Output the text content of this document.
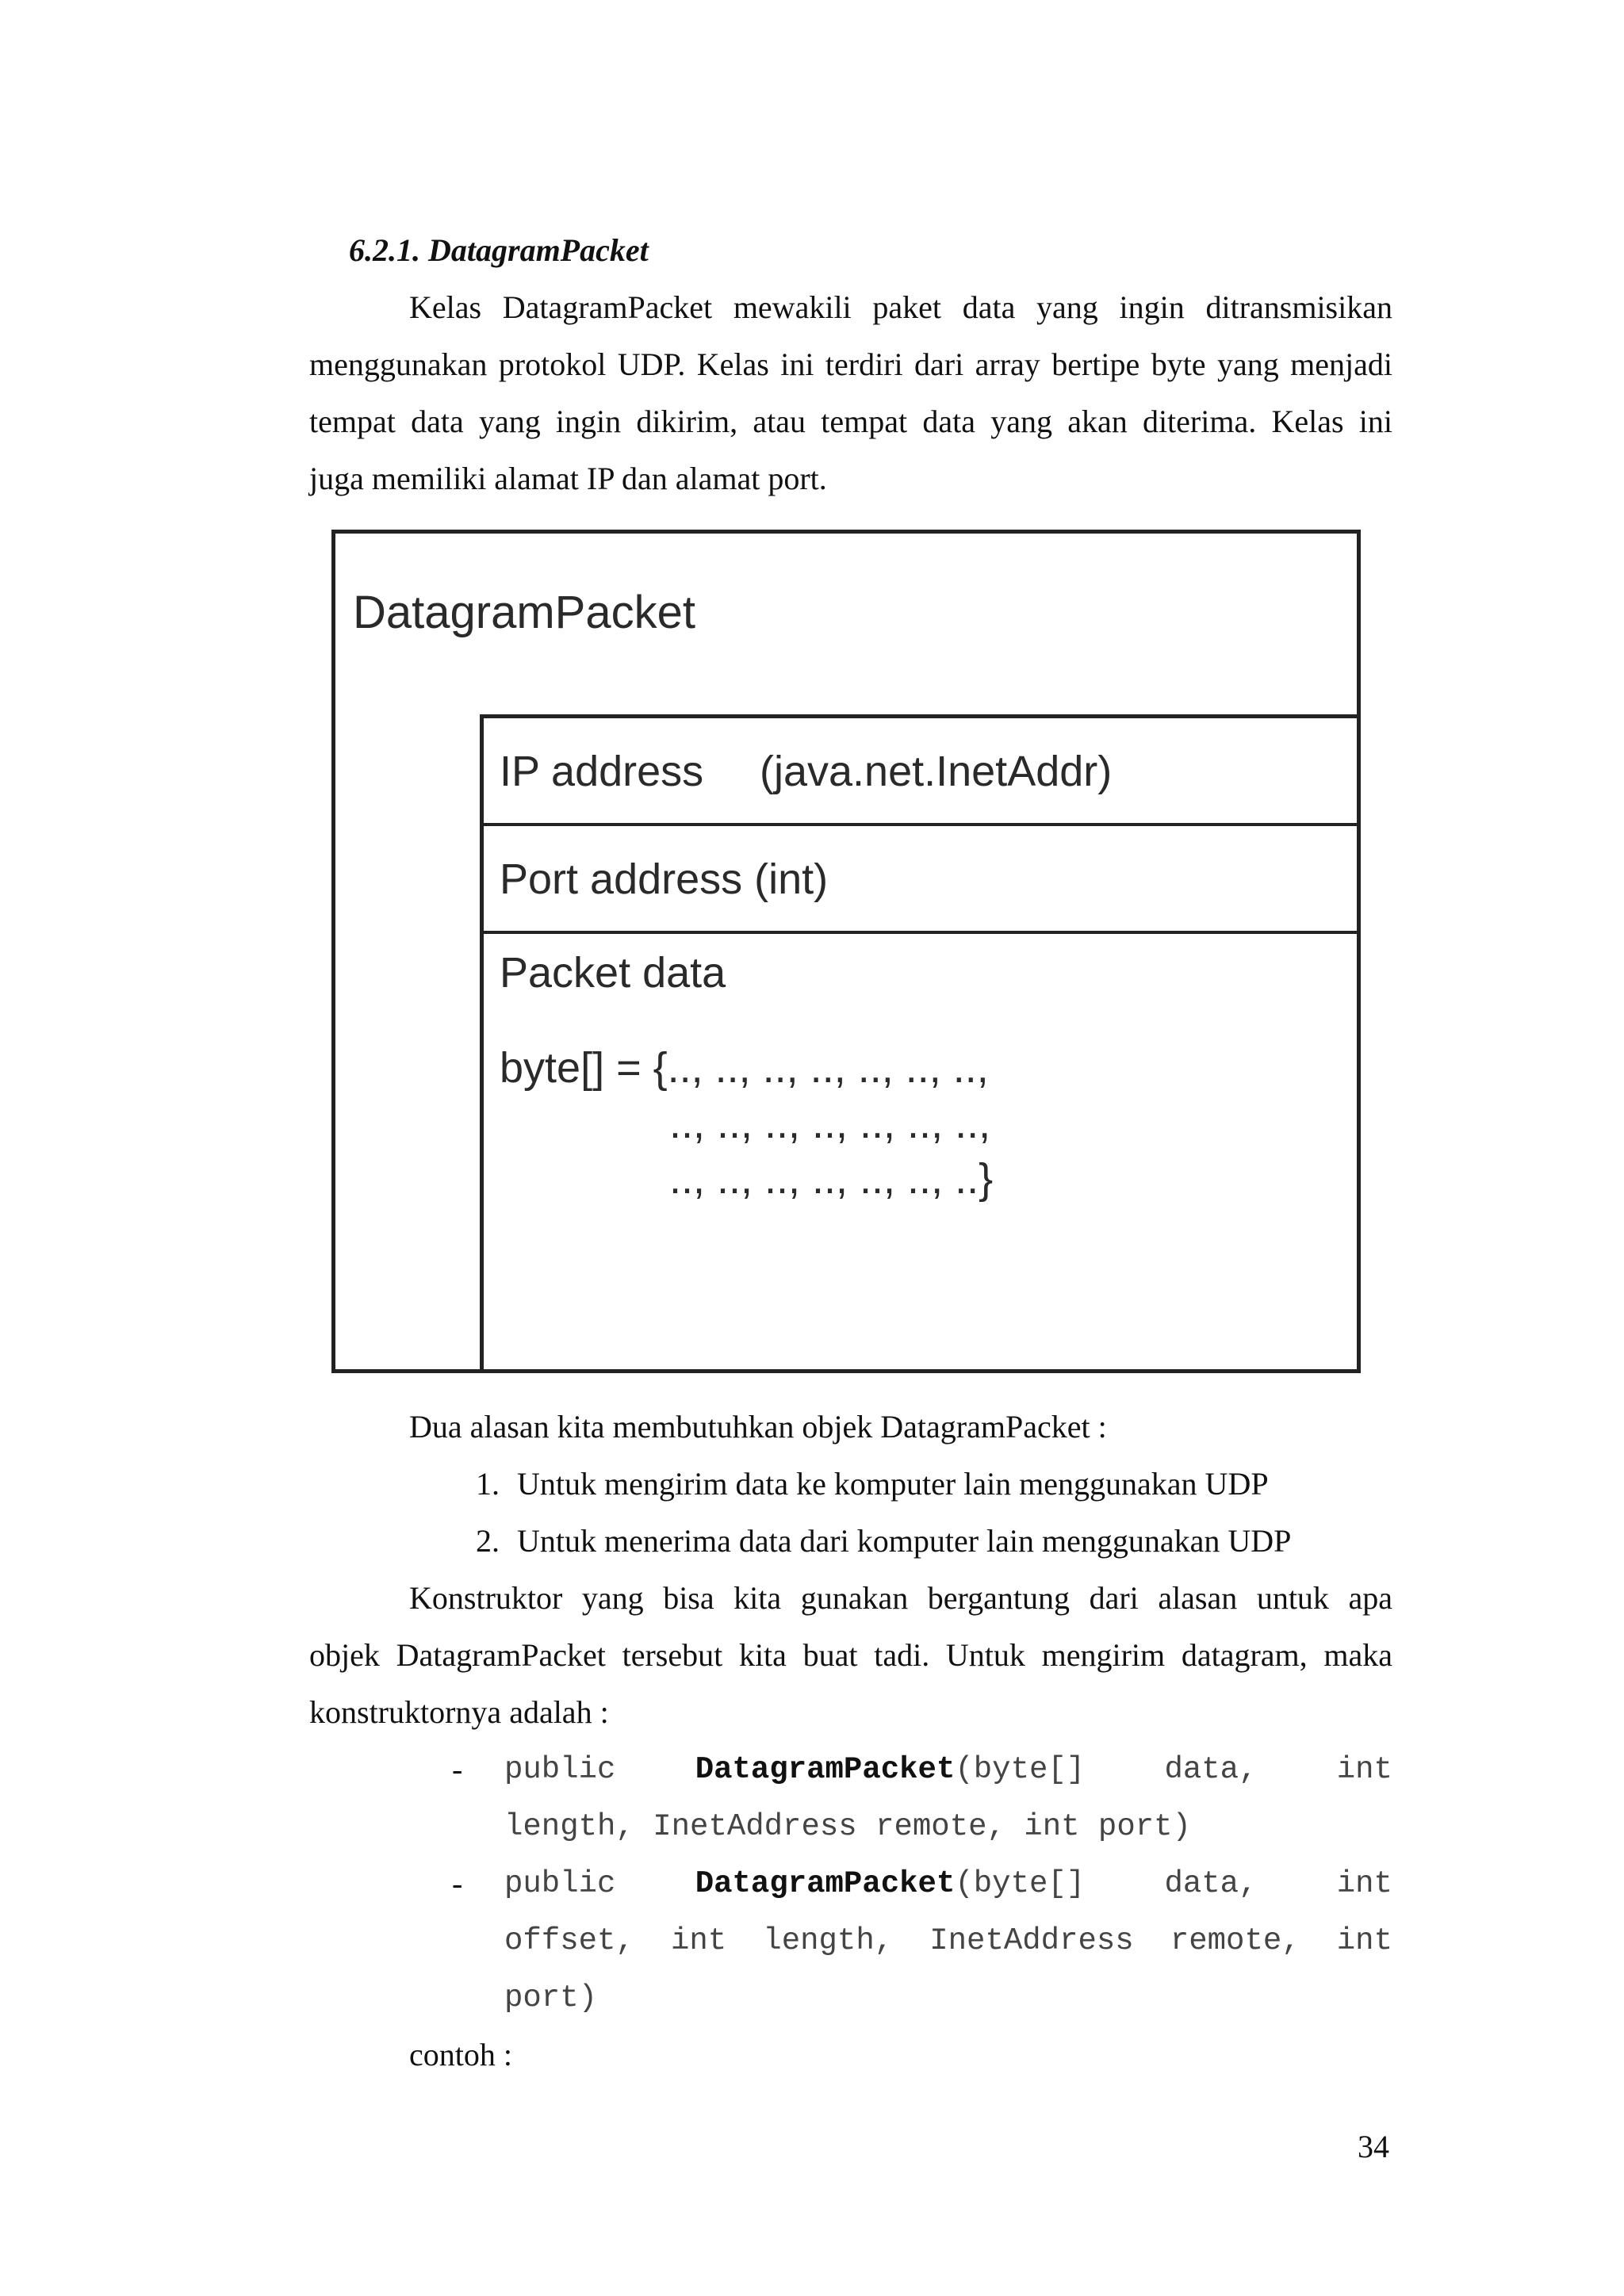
6.2.1. DatagramPacket
Kelas DatagramPacket mewakili paket data yang ingin ditransmisikan
menggunakan protokol UDP. Kelas ini terdiri dari array bertipe byte yang menjadi
tempat data yang ingin dikirim, atau tempat data yang akan diterima. Kelas ini
juga memiliki alamat IP dan alamat port.
DatagramPacket
IP address (java.net.InetAddr)
Port address (int)
Packet data
byte[] = {.., .., .., .., .., .., ..,
.., .., .., .., .., .., ..,
.., .., .., .., .., .., ..}
Dua alasan kita membutuhkan objek DatagramPacket :
1. Untuk mengirim data ke komputer lain menggunakan UDP
2. Untuk menerima data dari komputer lain menggunakan UDP
Konstruktor yang bisa kita gunakan bergantung dari alasan untuk apa
objek DatagramPacket tersebut kita buat tadi. Untuk mengirim datagram, maka
konstruktornya adalah :
- public	DatagramPacket(byte[]	data,	int
length, InetAddress remote, int port)
- public	DatagramPacket(byte[]	data,	int
offset, int length, InetAddress remote, int
port)
contoh :
34
